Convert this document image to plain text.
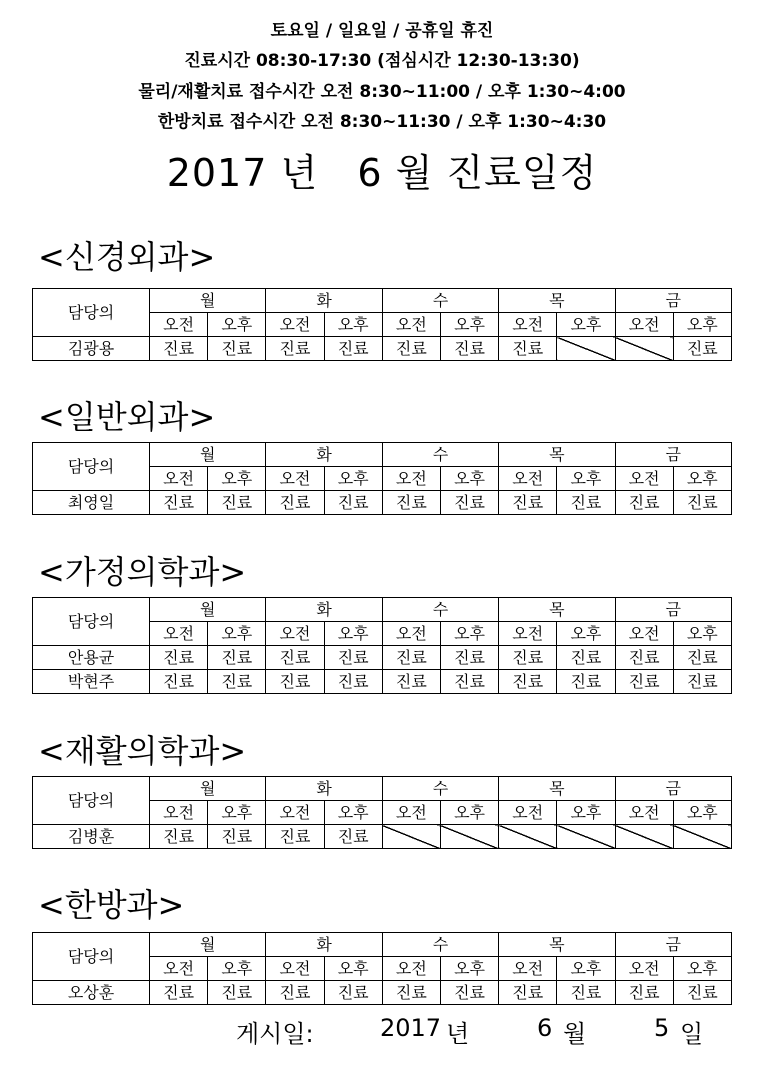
토요일 / 일요일 / 공휴일 휴진
진료시간 08:30-17:30 (점심시간 12:30-13:30)
물리/재활치료 접수시간 오전 8:30~11:00 / 오후 1:30~4:00
한방치료 접수시간 오전 8:30~11:30 / 오후 1:30~4:30
2017 년   6 월 진료일정
<신경외과>
담당의	월		화		수		목		금	
	오전	오후	오전	오후	오전	오후	오전	오후	오전	오후
김광용	진료	진료	진료	진료	진료	진료	진료			진료
<일반외과>
담당의	월		화		수		목		금	
	오전	오후	오전	오후	오전	오후	오전	오후	오전	오후
최영일	진료	진료	진료	진료	진료	진료	진료	진료	진료	진료
<가정의학과>
담당의	월		화		수		목		금	
	오전	오후	오전	오후	오전	오후	오전	오후	오전	오후
안용균	진료	진료	진료	진료	진료	진료	진료	진료	진료	진료
박현주	진료	진료	진료	진료	진료	진료	진료	진료	진료	진료
<재활의학과>
담당의	월		화		수		목		금	
	오전	오후	오전	오후	오전	오후	오전	오후	오전	오후
김병훈	진료	진료	진료	진료						
<한방과>
담당의	월		화		수		목		금	
	오전	오후	오전	오후	오전	오후	오전	오후	오전	오후
오상훈	진료	진료	진료	진료	진료	진료	진료	진료	진료	진료
게시일:	2017 년	6 월	5 일
